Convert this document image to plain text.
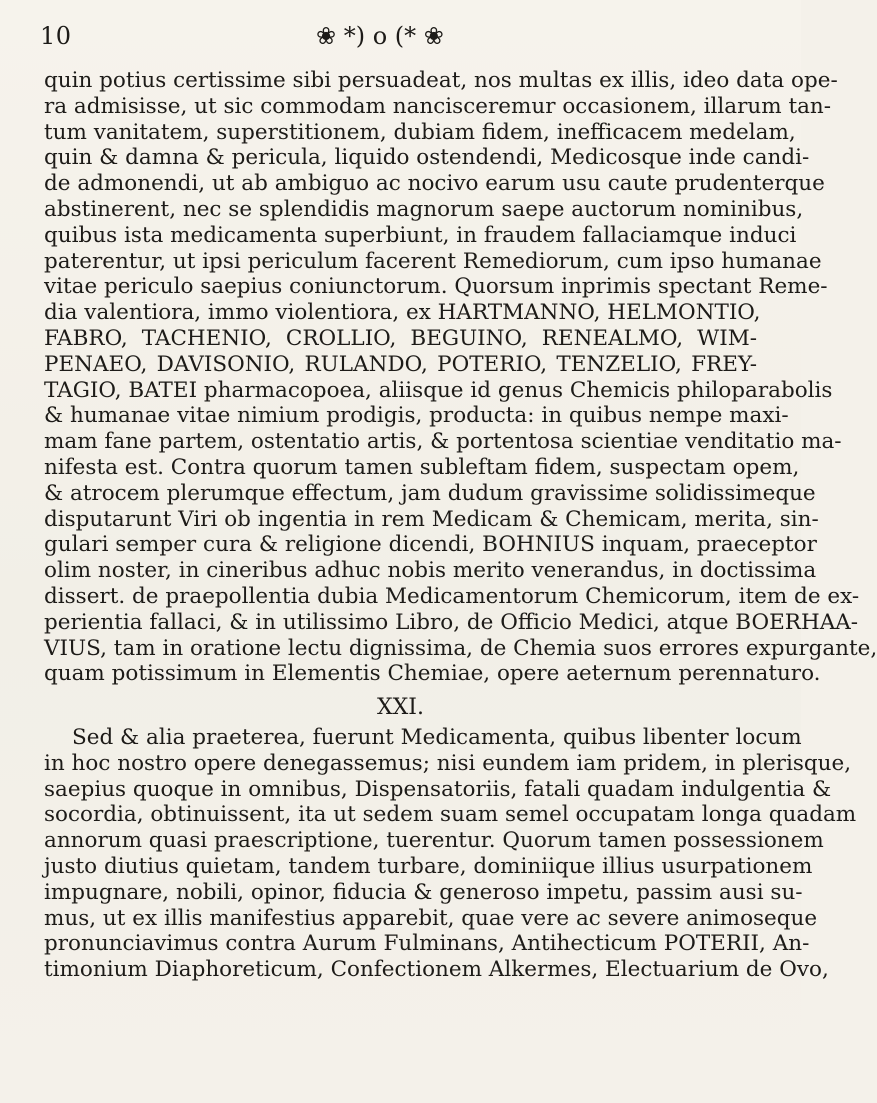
10	❀ *) o (* ❀
quin potius certissime sibi persuadeat, nos multas ex illis, ideo data ope-
ra admisisse, ut sic commodam nancisceremur occasionem, illarum tan-
tum vanitatem, superstitionem, dubiam fidem, inefficacem medelam,
quin & damna & pericula, liquido ostendendi, Medicosque inde candi-
de admonendi, ut ab ambiguo ac nocivo earum usu caute prudenterque
abstinerent, nec se splendidis magnorum saepe auctorum nominibus,
quibus ista medicamenta superbiunt, in fraudem fallaciamque induci
paterentur, ut ipsi periculum facerent Remediorum, cum ipso humanae
vitae periculo saepius coniunctorum. Quorsum inprimis spectant Reme-
dia valentiora, immo violentiora, ex HARTMANNO, HELMONTIO,
FABRO, TACHENIO, CROLLIO, BEGUINO, RENEALMO, WIM-
PENAEO, DAVISONIO, RULANDO, POTERIO, TENZELIO, FREY-
TAGIO, BATEI pharmacopoea, aliisque id genus Chemicis philoparabolis
& humanae vitae nimium prodigis, producta: in quibus nempe maxi-
mam fane partem, ostentatio artis, & portentosa scientiae venditatio ma-
nifesta est. Contra quorum tamen subleftam fidem, suspectam opem,
& atrocem plerumque effectum, jam dudum gravissime solidissimeque
disputarunt Viri ob ingentia in rem Medicam & Chemicam, merita, sin-
gulari semper cura & religione dicendi, BOHNIUS inquam, praeceptor
olim noster, in cineribus adhuc nobis merito venerandus, in doctissima
dissert. de praepollentia dubia Medicamentorum Chemicorum, item de ex-
perientia fallaci, & in utilissimo Libro, de Officio Medici, atque BOERHAA-
VIUS, tam in oratione lectu dignissima, de Chemia suos errores expurgante,
quam potissimum in Elementis Chemiae, opere aeternum perennaturo.
XXI.
Sed & alia praeterea, fuerunt Medicamenta, quibus libenter locum
in hoc nostro opere denegassemus; nisi eundem iam pridem, in plerisque,
saepius quoque in omnibus, Dispensatoriis, fatali quadam indulgentia &
socordia, obtinuissent, ita ut sedem suam semel occupatam longa quadam
annorum quasi praescriptione, tuerentur. Quorum tamen possessionem
justo diutius quietam, tandem turbare, dominiique illius usurpationem
impugnare, nobili, opinor, fiducia & generoso impetu, passim ausi su-
mus, ut ex illis manifestius apparebit, quae vere ac severe animoseque
pronunciavimus contra Aurum Fulminans, Antihecticum POTERII, An-
timonium Diaphoreticum, Confectionem Alkermes, Electuarium de Ovo,
